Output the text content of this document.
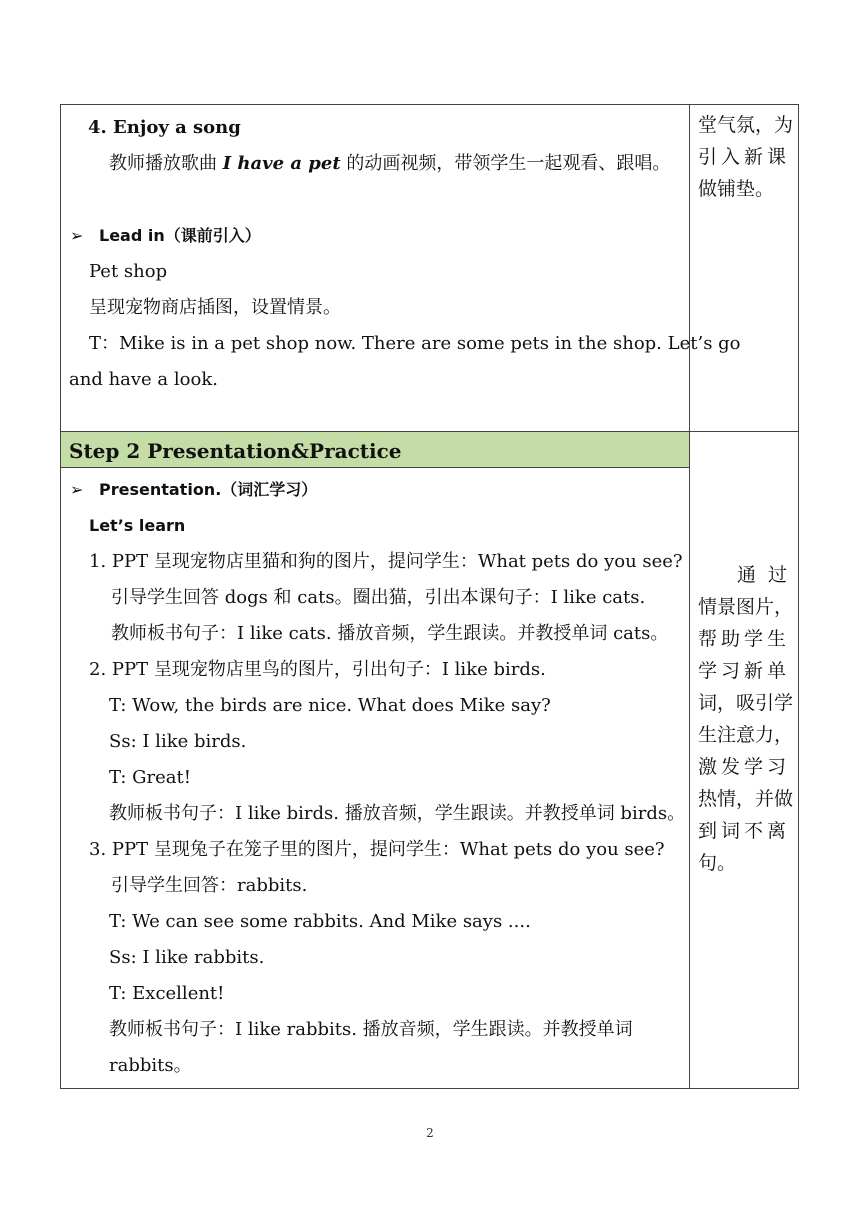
4. Enjoy a song
教师播放歌曲 I have a pet 的动画视频，带领学生一起观看、跟唱。
➢ Lead in（课前引入）
Pet shop
呈现宠物商店插图，设置情景。
T：Mike is in a pet shop now. There are some pets in the shop. Let’s go
and have a look.
堂气氛，为
引入新课
做铺垫。
Step 2 Presentation&Practice
➢ Presentation.（词汇学习）
Let’s learn
1. PPT 呈现宠物店里猫和狗的图片，提问学生：What pets do you see?
引导学生回答 dogs 和 cats。圈出猫，引出本课句子：I like cats.
教师板书句子：I like cats. 播放音频，学生跟读。并教授单词 cats。
2. PPT 呈现宠物店里鸟的图片，引出句子：I like birds.
T: Wow, the birds are nice. What does Mike say?
Ss: I like birds.
T: Great!
教师板书句子：I like birds. 播放音频，学生跟读。并教授单词 birds。
3. PPT 呈现兔子在笼子里的图片，提问学生：What pets do you see?
引导学生回答：rabbits.
T: We can see some rabbits. And Mike says ....
Ss: I like rabbits.
T: Excellent!
教师板书句子：I like rabbits. 播放音频，学生跟读。并教授单词
rabbits。
通 过
情景图片，
帮助学生
学习新单
词，吸引学
生注意力，
激发学习
热情，并做
到词不离
句。
2
